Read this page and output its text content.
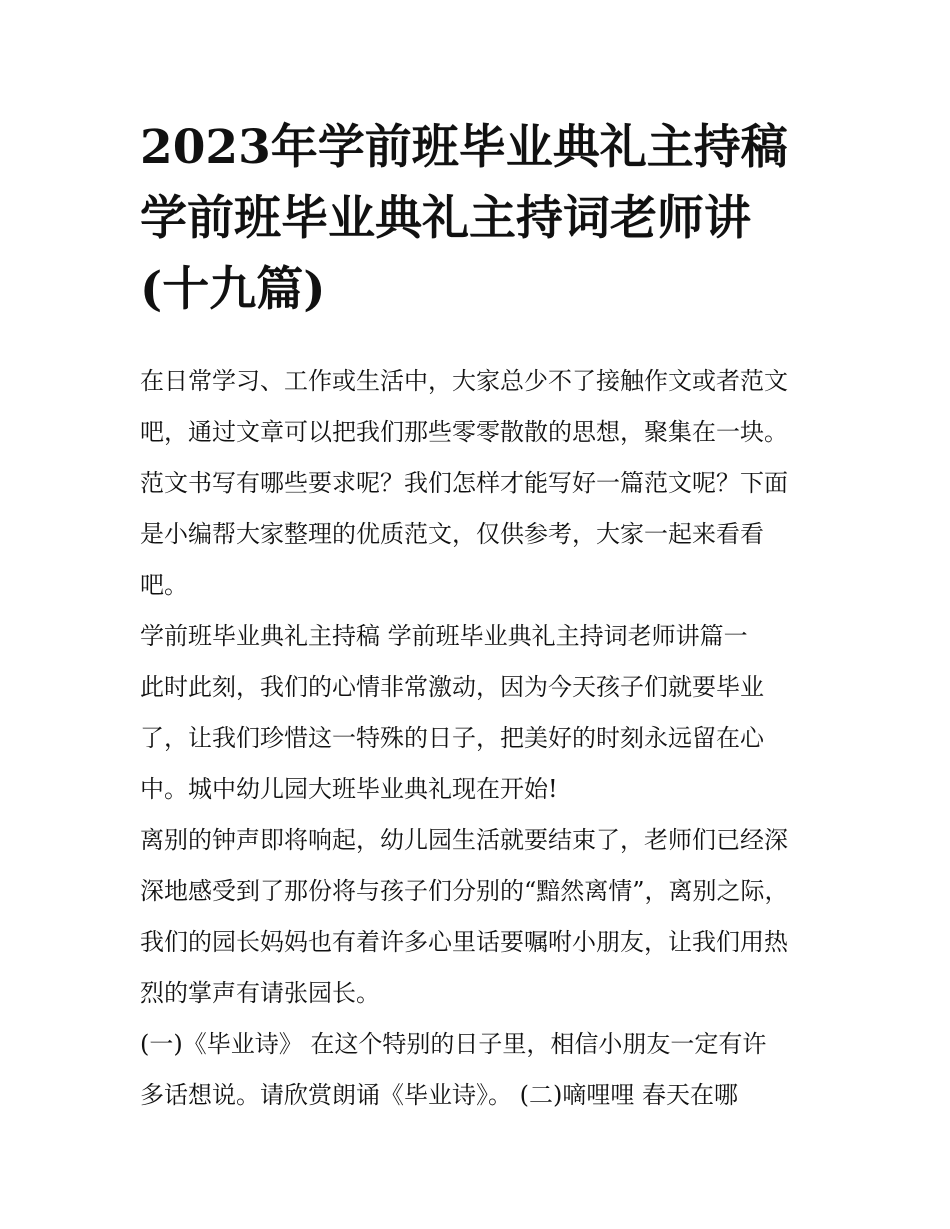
2023年学前班毕业典礼主持稿
学前班毕业典礼主持词老师讲
(十九篇)
在日常学习、工作或生活中，大家总少不了接触作文或者范文
吧，通过文章可以把我们那些零零散散的思想，聚集在一块。
范文书写有哪些要求呢？我们怎样才能写好一篇范文呢？下面
是小编帮大家整理的优质范文，仅供参考，大家一起来看看
吧。
学前班毕业典礼主持稿 学前班毕业典礼主持词老师讲篇一
此时此刻，我们的心情非常激动，因为今天孩子们就要毕业
了，让我们珍惜这一特殊的日子，把美好的时刻永远留在心
中。城中幼儿园大班毕业典礼现在开始!
离别的钟声即将响起，幼儿园生活就要结束了，老师们已经深
深地感受到了那份将与孩子们分别的“黯然离情”，离别之际，
我们的园长妈妈也有着许多心里话要嘱咐小朋友，让我们用热
烈的掌声有请张园长。
(一)《毕业诗》 在这个特别的日子里，相信小朋友一定有许
多话想说。请欣赏朗诵《毕业诗》。 (二)嘀哩哩 春天在哪
